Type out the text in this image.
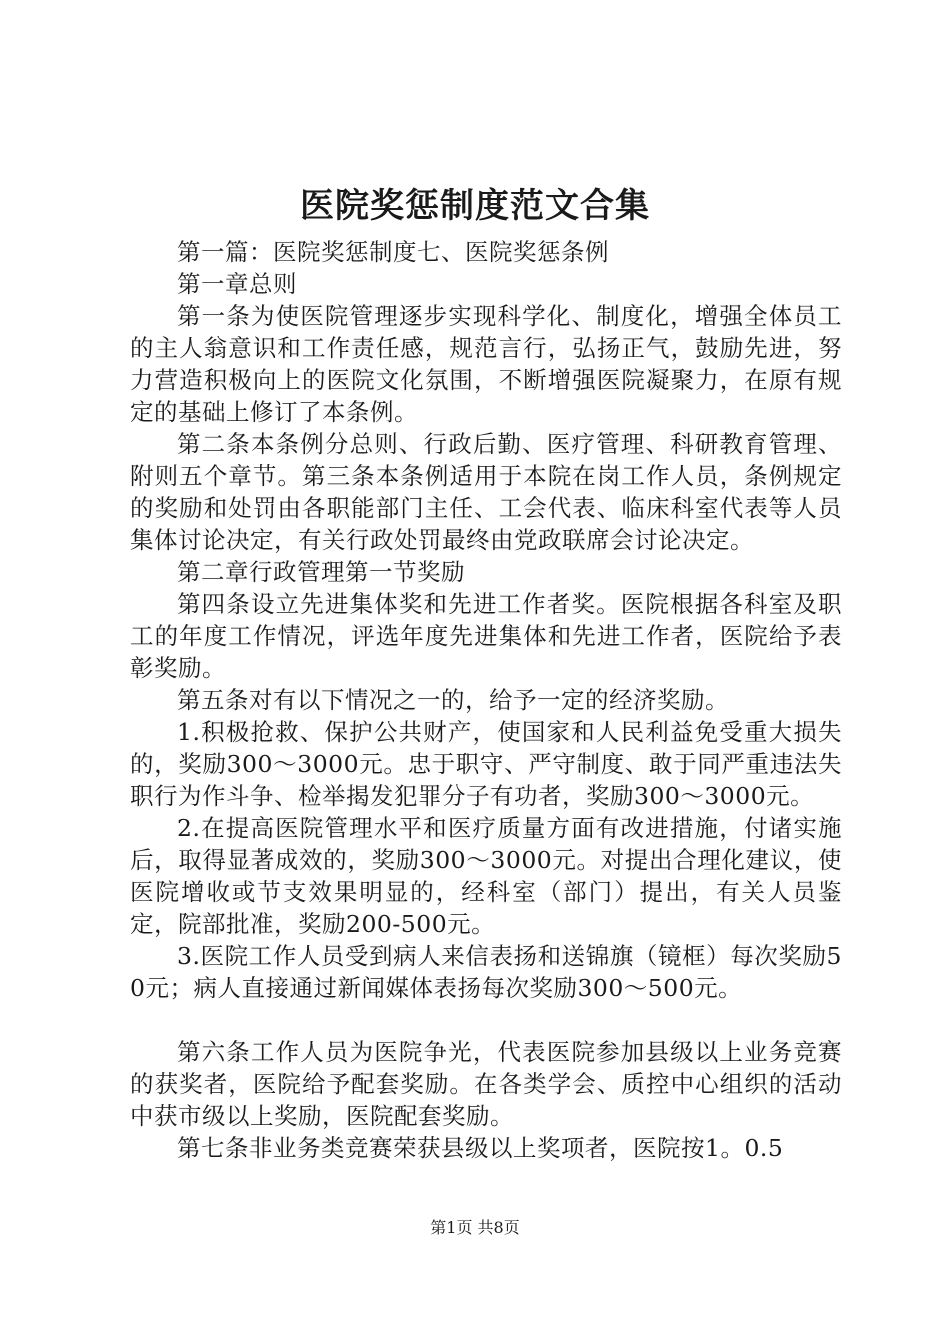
医院奖惩制度范文合集

第一篇：医院奖惩制度七、医院奖惩条例

第一章总则

第一条为使医院管理逐步实现科学化、制度化，增强全体员工的主人翁意识和工作责任感，规范言行，弘扬正气，鼓励先进，努力营造积极向上的医院文化氛围，不断增强医院凝聚力，在原有规定的基础上修订了本条例。

第二条本条例分总则、行政后勤、医疗管理、科研教育管理、附则五个章节。第三条本条例适用于本院在岗工作人员，条例规定的奖励和处罚由各职能部门主任、工会代表、临床科室代表等人员集体讨论决定，有关行政处罚最终由党政联席会讨论决定。

第二章行政管理第一节奖励

第四条设立先进集体奖和先进工作者奖。医院根据各科室及职工的年度工作情况，评选年度先进集体和先进工作者，医院给予表彰奖励。

第五条对有以下情况之一的，给予一定的经济奖励。

1.积极抢救、保护公共财产，使国家和人民利益免受重大损失的，奖励300～3000元。忠于职守、严守制度、敢于同严重违法失职行为作斗争、检举揭发犯罪分子有功者，奖励300～3000元。

2.在提高医院管理水平和医疗质量方面有改进措施，付诸实施后，取得显著成效的，奖励300～3000元。对提出合理化建议，使医院增收或节支效果明显的，经科室（部门）提出，有关人员鉴定，院部批准，奖励200-500元。

3.医院工作人员受到病人来信表扬和送锦旗（镜框）每次奖励50元；病人直接通过新闻媒体表扬每次奖励300～500元。

第六条工作人员为医院争光，代表医院参加县级以上业务竞赛的获奖者，医院给予配套奖励。在各类学会、质控中心组织的活动中获市级以上奖励，医院配套奖励。

第七条非业务类竞赛荣获县级以上奖项者，医院按1。0.5

第1页 共8页
